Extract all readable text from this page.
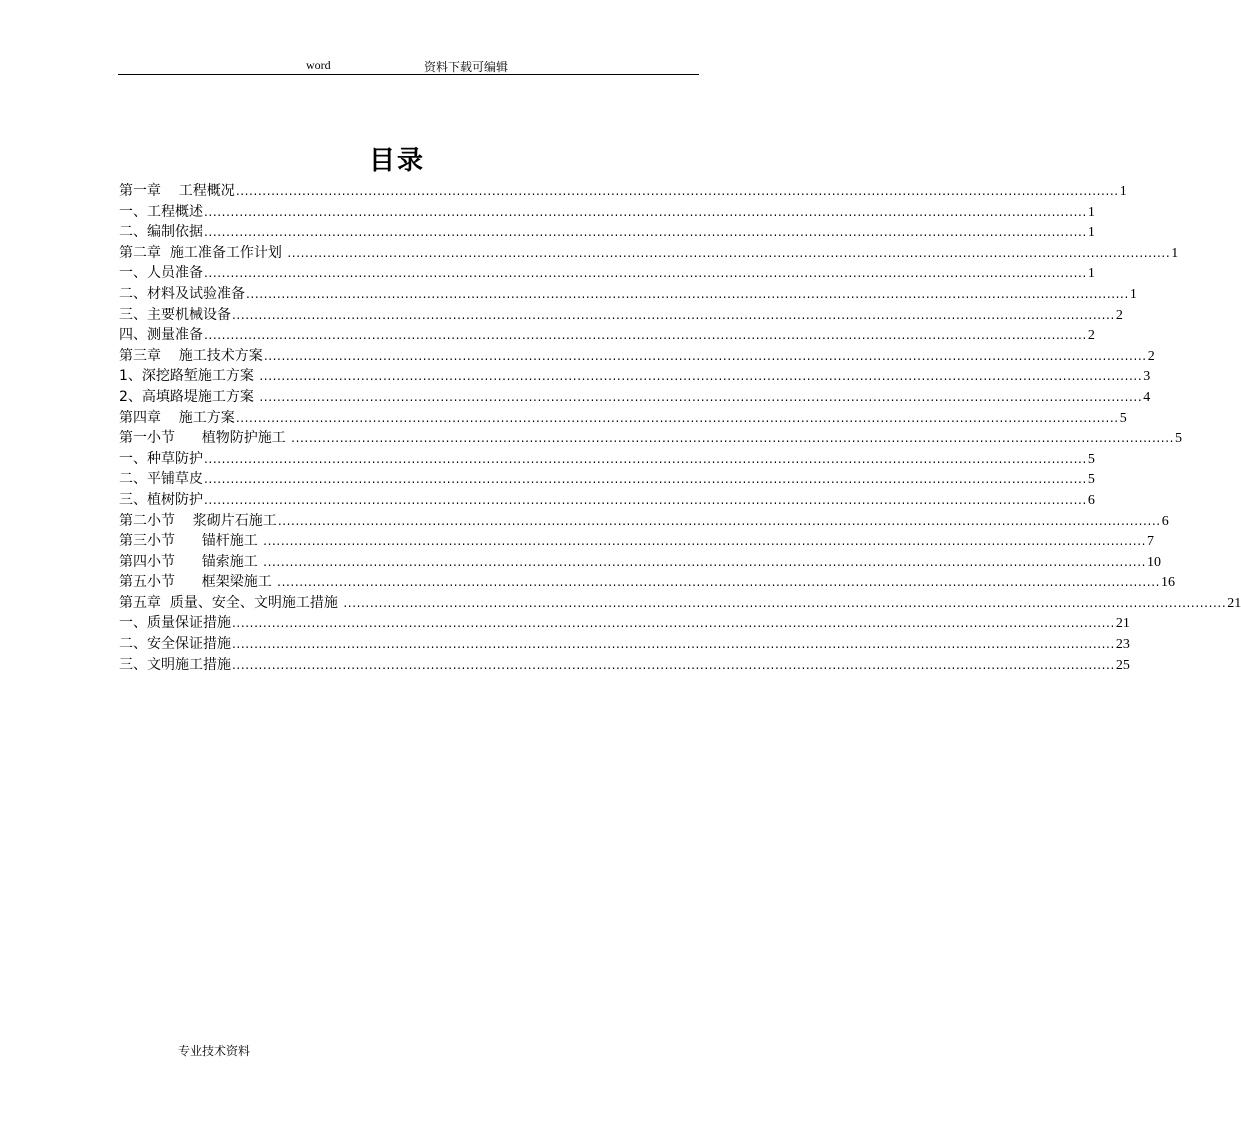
word	资料下载可编辑
目录
第一章    工程概况 ........................................................................................................................................................................................................ 1
一、工程概述 ........................................................................................................................................................................................................ 1
二、编制依据 ........................................................................................................................................................................................................ 1
第二章  施工准备工作计划 ........................................................................................................................................................................................................ 1
一、人员准备 ........................................................................................................................................................................................................ 1
二、材料及试验准备 ........................................................................................................................................................................................................ 1
三、主要机械设备 ........................................................................................................................................................................................................ 2
四、测量准备 ........................................................................................................................................................................................................ 2
第三章    施工技术方案 ........................................................................................................................................................................................................ 2
1、深挖路堑施工方案 ........................................................................................................................................................................................................ 3
2、高填路堤施工方案 ........................................................................................................................................................................................................ 4
第四章    施工方案 ........................................................................................................................................................................................................ 5
第一小节      植物防护施工 ........................................................................................................................................................................................................ 5
一、种草防护 ........................................................................................................................................................................................................ 5
二、平铺草皮 ........................................................................................................................................................................................................ 5
三、植树防护 ........................................................................................................................................................................................................ 6
第二小节    浆砌片石施工 ........................................................................................................................................................................................................ 6
第三小节      锚杆施工 ........................................................................................................................................................................................................ 7
第四小节      锚索施工 ........................................................................................................................................................................................................ 10
第五小节      框架梁施工 ........................................................................................................................................................................................................ 16
第五章  质量、安全、文明施工措施 ........................................................................................................................................................................................................ 21
一、质量保证措施 ........................................................................................................................................................................................................ 21
二、安全保证措施 ........................................................................................................................................................................................................ 23
三、文明施工措施 ........................................................................................................................................................................................................ 25
专业技术资料
